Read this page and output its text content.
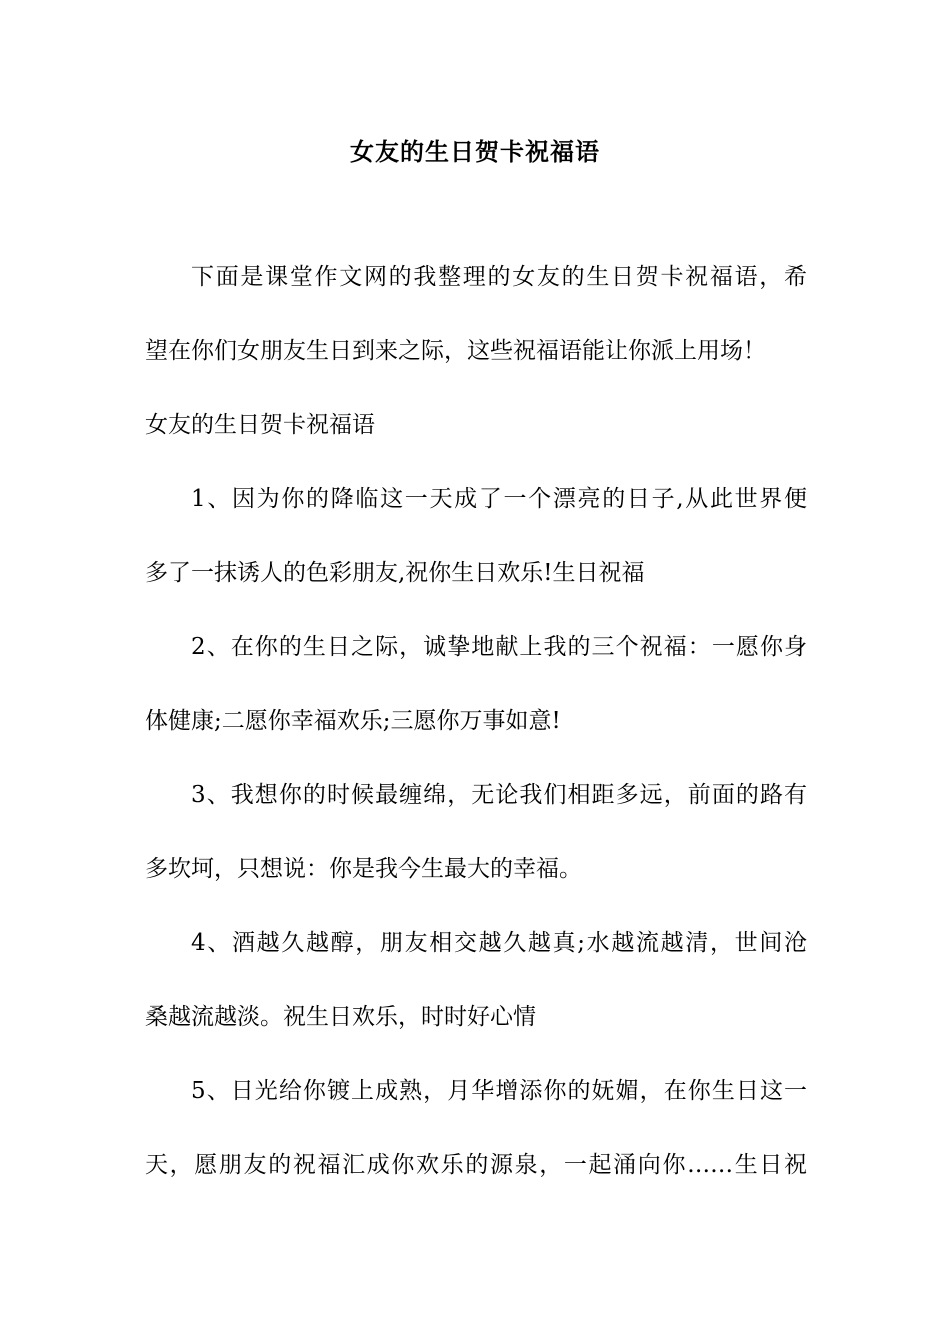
女友的生日贺卡祝福语
下面是课堂作文网的我整理的女友的生日贺卡祝福语，希
望在你们女朋友生日到来之际，这些祝福语能让你派上用场！
女友的生日贺卡祝福语
1、因为你的降临这一天成了一个漂亮的日子,从此世界便
多了一抹诱人的色彩朋友,祝你生日欢乐!生日祝福
2、在你的生日之际，诚挚地献上我的三个祝福：一愿你身
体健康;二愿你幸福欢乐;三愿你万事如意!
3、我想你的时候最缠绵，无论我们相距多远，前面的路有
多坎坷，只想说：你是我今生最大的幸福。
4、酒越久越醇，朋友相交越久越真;水越流越清，世间沧
桑越流越淡。祝生日欢乐，时时好心情
5、日光给你镀上成熟，月华增添你的妩媚，在你生日这一
天，愿朋友的祝福汇成你欢乐的源泉，一起涌向你……生日祝
